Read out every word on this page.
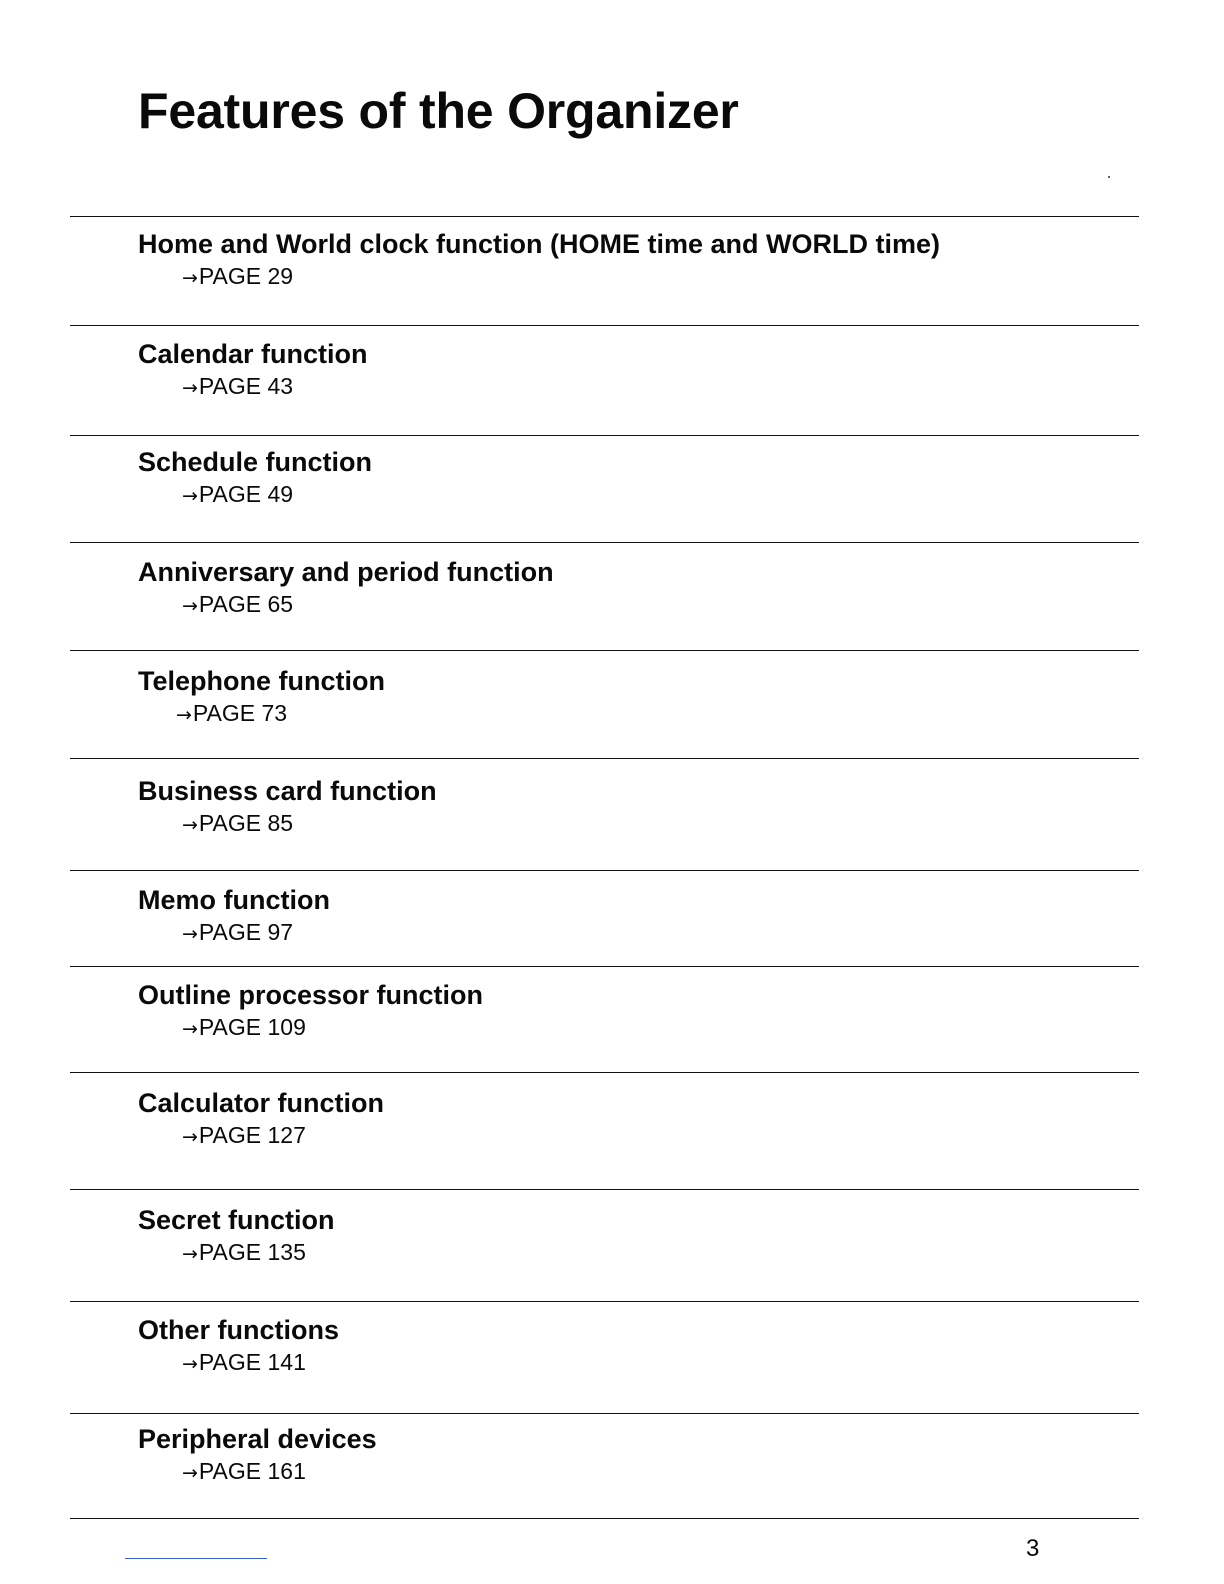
Features of the Organizer
Home and World clock function (HOME time and WORLD time)
→PAGE 29
Calendar function
→PAGE 43
Schedule function
→PAGE 49
Anniversary and period function
→PAGE 65
Telephone function
→PAGE 73
Business card function
→PAGE 85
Memo function
→PAGE 97
Outline processor function
→PAGE 109
Calculator function
→PAGE 127
Secret function
→PAGE 135
Other functions
→PAGE 141
Peripheral devices
→PAGE 161
3
